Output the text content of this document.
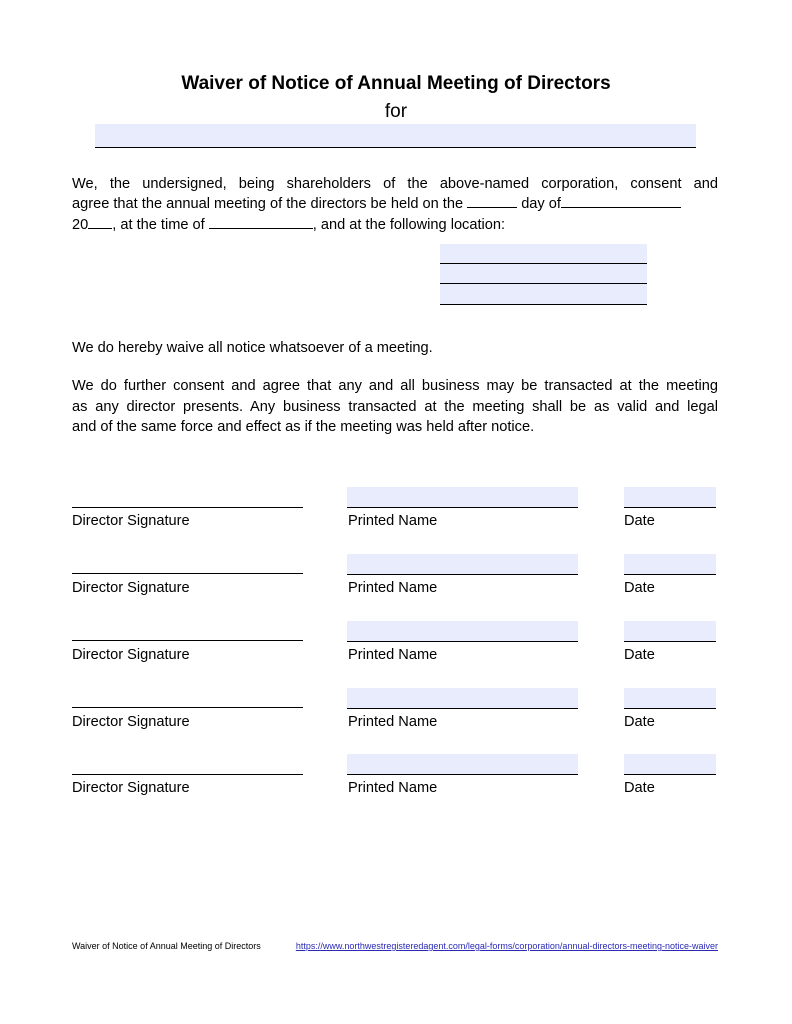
Waiver of Notice of Annual Meeting of Directors
for
We, the undersigned, being shareholders of the above-named corporation, consent and
agree that the annual meeting of the directors be held on the	day of
20 , at the time of	, and at the following location:
We do hereby waive all notice whatsoever of a meeting.
We do further consent and agree that any and all business may be transacted at the meeting
as any director presents. Any business transacted at the meeting shall be as valid and legal
and of the same force and effect as if the meeting was held after notice.
Director Signature	Printed Name	Date
Director Signature	Printed Name	Date
Director Signature	Printed Name	Date
Director Signature	Printed Name	Date
Director Signature	Printed Name	Date
Waiver of Notice of Annual Meeting of Directors	https://www.northwestregisteredagent.com/legal-forms/corporation/annual-directors-meeting-notice-waiver
